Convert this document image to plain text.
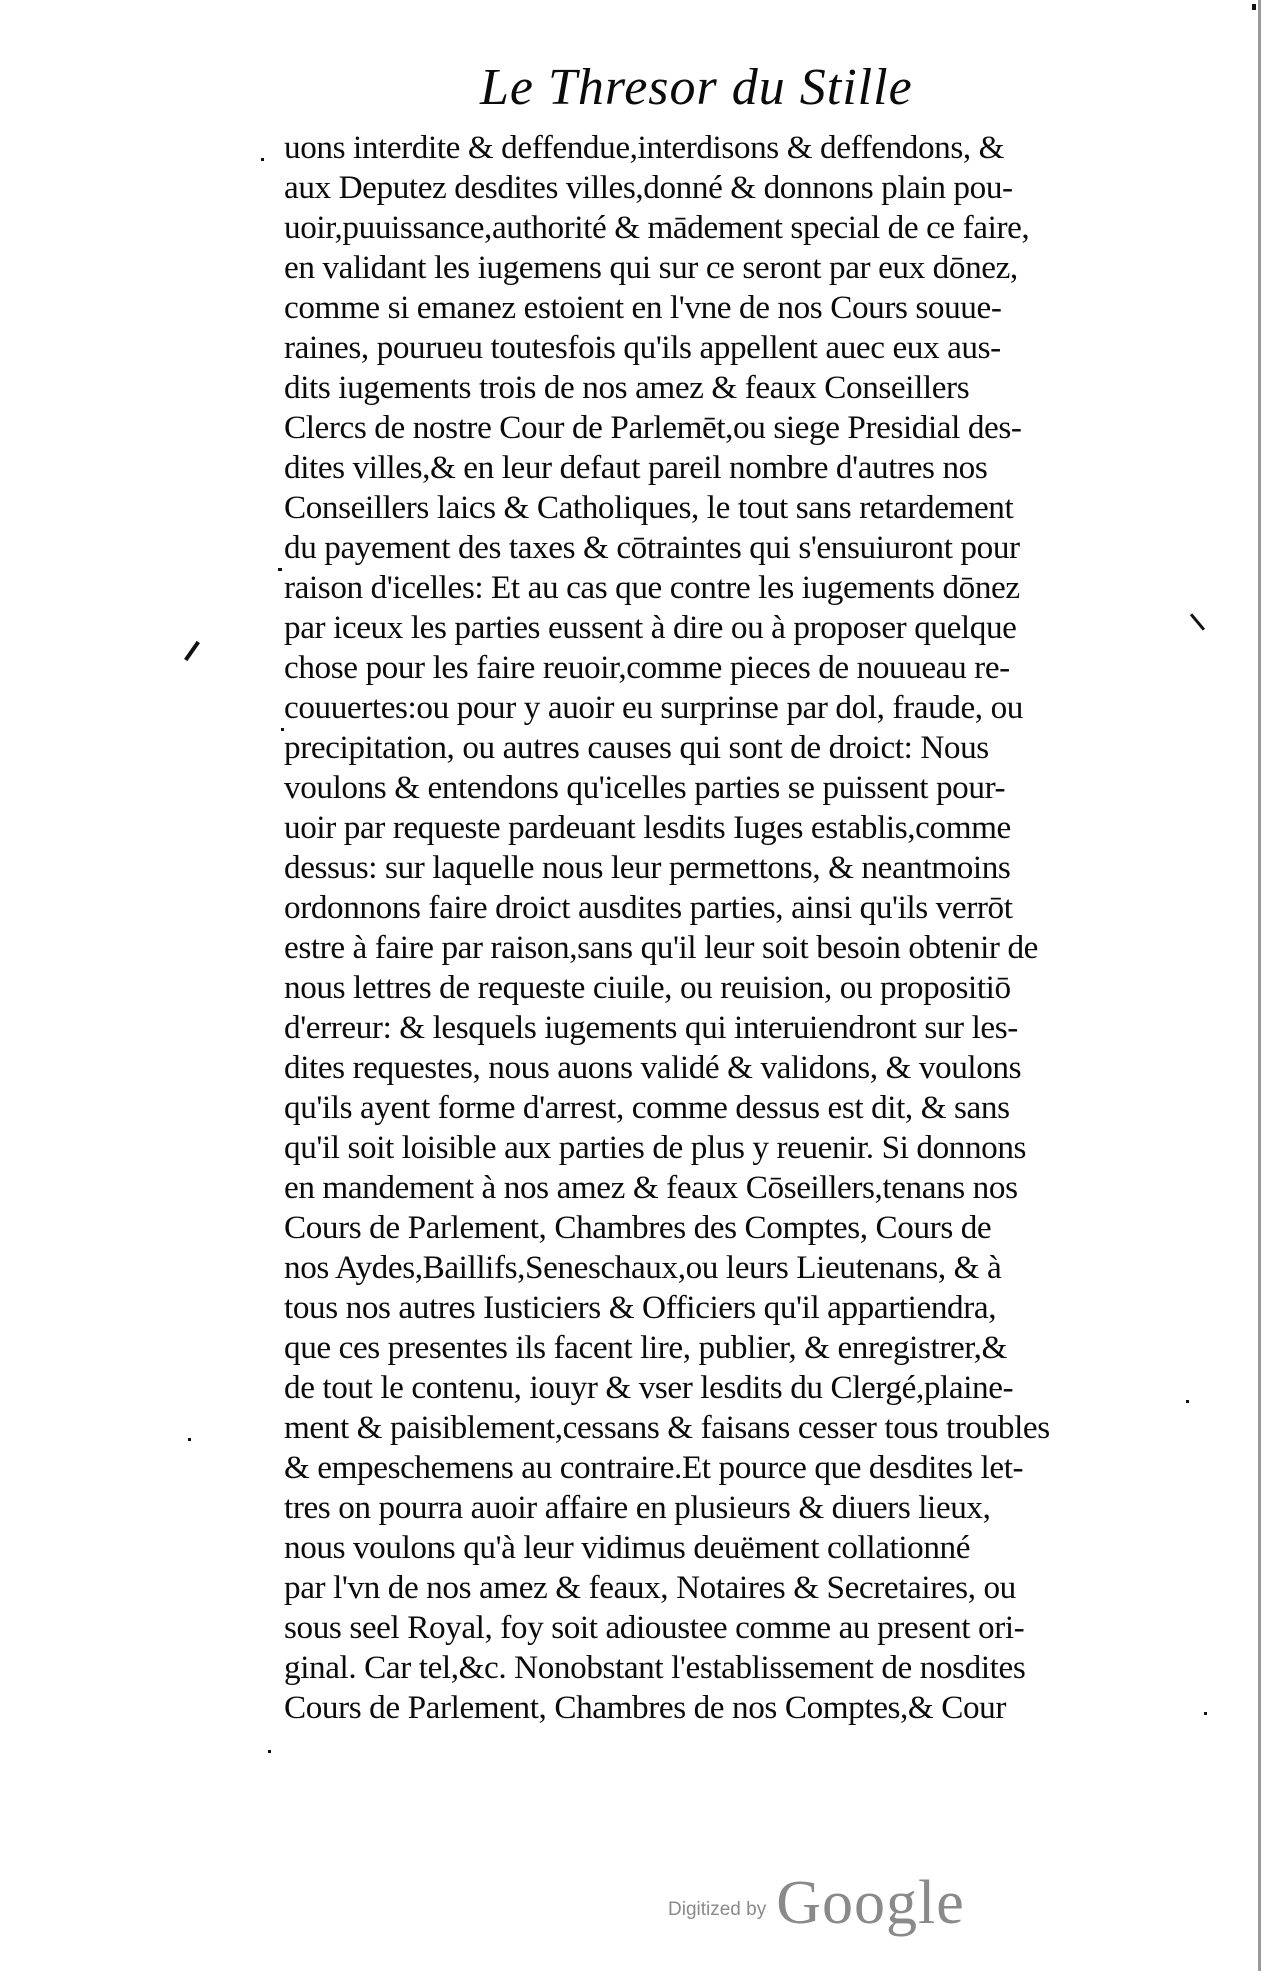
Le Thresor du Stille
uons interdite & deffendue,interdisons & deffendons, &
aux Deputez desdites villes,donné & donnons plain pou-
uoir,puuissance,authorité & mādement special de ce faire,
en validant les iugemens qui sur ce seront par eux dōnez,
comme si emanez estoient en l'vne de nos Cours souue-
raines, pourueu toutesfois qu'ils appellent auec eux aus-
dits iugements trois de nos amez & feaux Conseillers
Clercs de nostre Cour de Parlemēt,ou siege Presidial des-
dites villes,& en leur defaut pareil nombre d'autres nos
Conseillers laics & Catholiques, le tout sans retardement
du payement des taxes & cōtraintes qui s'ensuiuront pour
raison d'icelles: Et au cas que contre les iugements dōnez
par iceux les parties eussent à dire ou à proposer quelque
chose pour les faire reuoir,comme pieces de nouueau re-
couuertes:ou pour y auoir eu surprinse par dol, fraude, ou
precipitation, ou autres causes qui sont de droict: Nous
voulons & entendons qu'icelles parties se puissent pour-
uoir par requeste pardeuant lesdits Iuges establis,comme
dessus: sur laquelle nous leur permettons, & neantmoins
ordonnons faire droict ausdites parties, ainsi qu'ils verrōt
estre à faire par raison,sans qu'il leur soit besoin obtenir de
nous lettres de requeste ciuile, ou reuision, ou propositiō
d'erreur: & lesquels iugements qui interuiendront sur les-
dites requestes, nous auons validé & validons, & voulons
qu'ils ayent forme d'arrest, comme dessus est dit, & sans
qu'il soit loisible aux parties de plus y reuenir. Si donnons
en mandement à nos amez & feaux Cōseillers,tenans nos
Cours de Parlement, Chambres des Comptes, Cours de
nos Aydes,Baillifs,Seneschaux,ou leurs Lieutenans, & à
tous nos autres Iusticiers & Officiers qu'il appartiendra,
que ces presentes ils facent lire, publier, & enregistrer,&
de tout le contenu, iouyr & vser lesdits du Clergé,plaine-
ment & paisiblement,cessans & faisans cesser tous troubles
& empeschemens au contraire.Et pource que desdites let-
tres on pourra auoir affaire en plusieurs & diuers lieux,
nous voulons qu'à leur vidimus deuëment collationné
par l'vn de nos amez & feaux, Notaires & Secretaires, ou
sous seel Royal, foy soit adioustee comme au present ori-
ginal. Car tel,&c. Nonobstant l'establissement de nosdites
Cours de Parlement, Chambres de nos Comptes,& Cour
Digitized by Google
